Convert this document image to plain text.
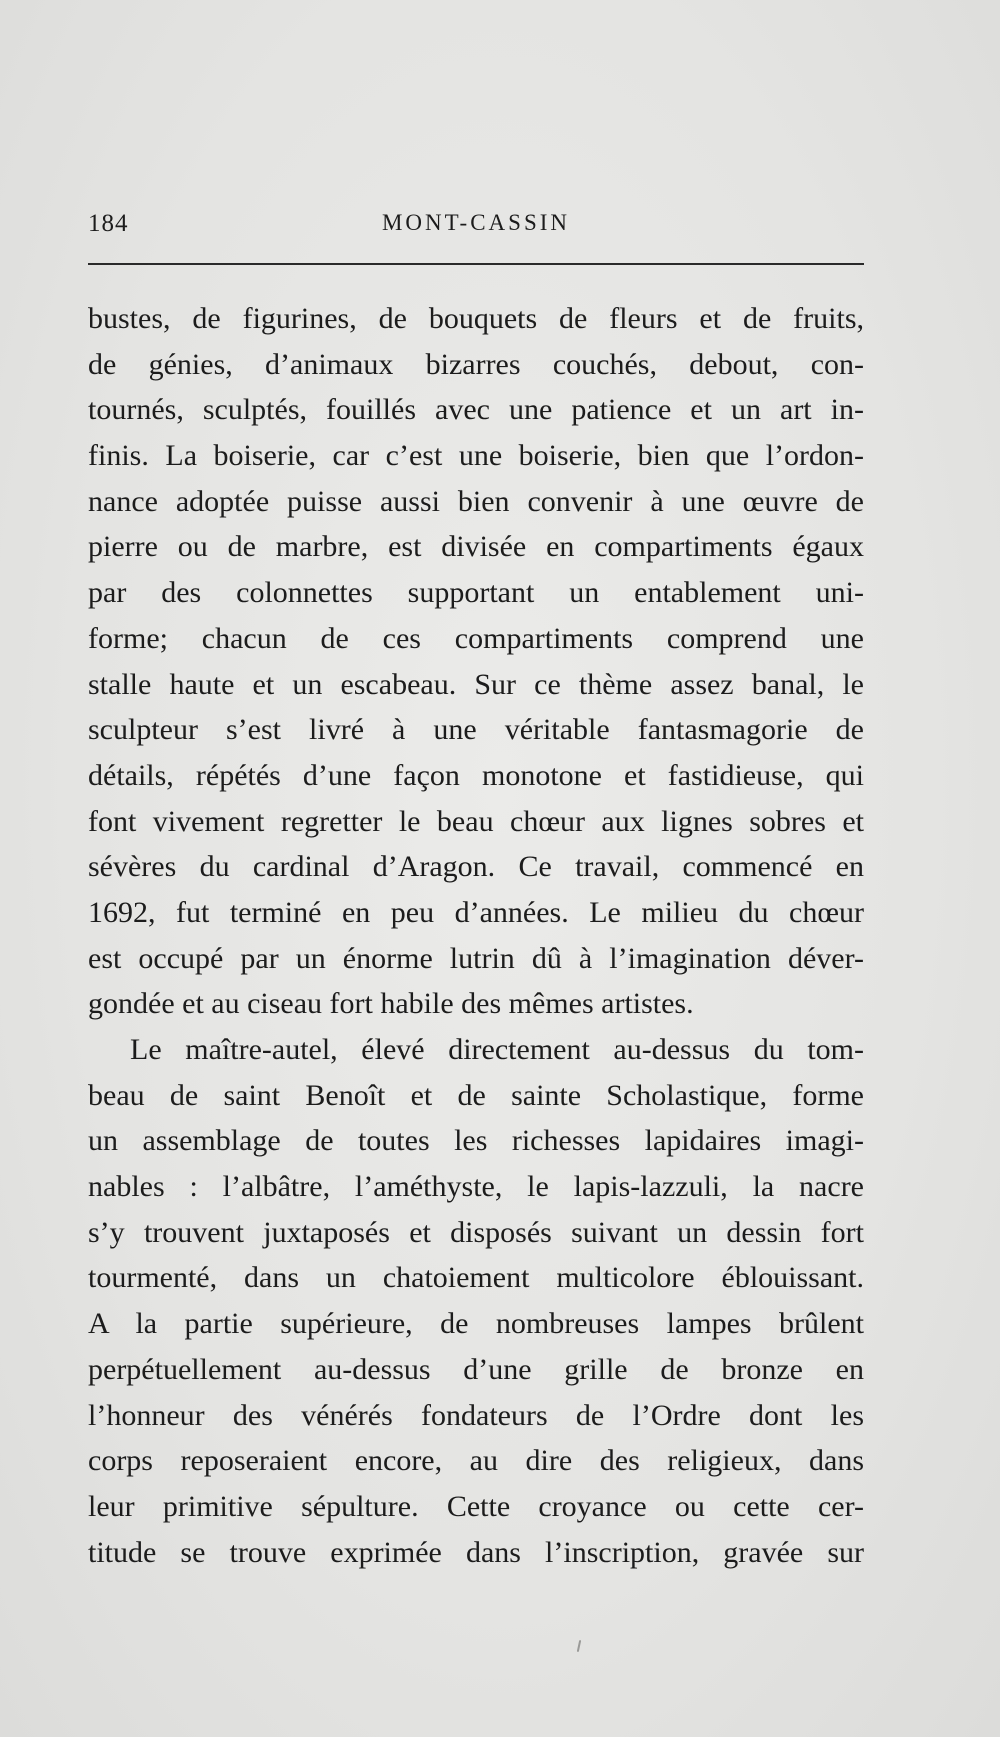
184	MONT-CASSIN
bustes, de figurines, de bouquets de fleurs et de fruits,
de génies, d’animaux bizarres couchés, debout, con-
tournés, sculptés, fouillés avec une patience et un art in-
finis. La boiserie, car c’est une boiserie, bien que l’ordon-
nance adoptée puisse aussi bien convenir à une œuvre de
pierre ou de marbre, est divisée en compartiments égaux
par des colonnettes supportant un entablement uni-
forme; chacun de ces compartiments comprend une
stalle haute et un escabeau. Sur ce thème assez banal, le
sculpteur s’est livré à une véritable fantasmagorie de
détails, répétés d’une façon monotone et fastidieuse, qui
font vivement regretter le beau chœur aux lignes sobres et
sévères du cardinal d’Aragon. Ce travail, commencé en
1692, fut terminé en peu d’années. Le milieu du chœur
est occupé par un énorme lutrin dû à l’imagination déver-
gondée et au ciseau fort habile des mêmes artistes.
Le maître-autel, élevé directement au-dessus du tom-
beau de saint Benoît et de sainte Scholastique, forme
un assemblage de toutes les richesses lapidaires imagi-
nables : l’albâtre, l’améthyste, le lapis-lazzuli, la nacre
s’y trouvent juxtaposés et disposés suivant un dessin fort
tourmenté, dans un chatoiement multicolore éblouissant.
A la partie supérieure, de nombreuses lampes brûlent
perpétuellement au-dessus d’une grille de bronze en
l’honneur des vénérés fondateurs de l’Ordre dont les
corps reposeraient encore, au dire des religieux, dans
leur primitive sépulture. Cette croyance ou cette cer-
titude se trouve exprimée dans l’inscription, gravée sur
